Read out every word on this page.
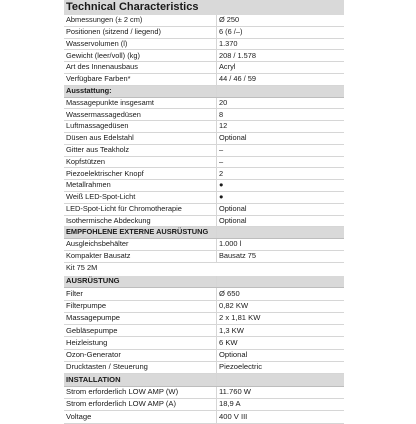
Technical Characteristics
Abmessungen (± 2 cm)	Ø 250
Positionen (sitzend / liegend)	6 (6 /–)
Wasservolumen (l)	1.370
Gewicht (leer/voll) (kg)	208 / 1.578
Art des Innenausbaus	Acryl
Verfügbare Farben*	44 / 46 / 59
Ausstattung:	
Massagepunkte insgesamt	20
Wassermassagedüsen	8
Luftmassagedüsen	12
Düsen aus Edelstahl	Optional
Gitter aus Teakholz	–
Kopfstützen	–
Piezoelektrischer Knopf	2
Metallrahmen	●
Weiß LED-Spot-Licht	●
LED-Spot-Licht für Chromotherapie	Optional
Isothermische Abdeckung	Optional
EMPFOHLENE EXTERNE AUSRÜSTUNG	
Ausgleichsbehälter	1.000 l
Kompakter Bausatz	Bausatz 75
Kit 75 2M
AUSRÜSTUNG	
Filter	Ø 650
Filterpumpe	0,82 KW
Massagepumpe	2 x 1,81 KW
Gebläsepumpe	1,3 KW
Heizleistung	6 KW
Ozon-Generator	Optional
Drucktasten / Steuerung	Piezoelectric
INSTALLATION	
Strom erforderlich LOW AMP (W)	11.760 W
Strom erforderlich LOW AMP (A)	18,9 A
Voltage	400 V III
